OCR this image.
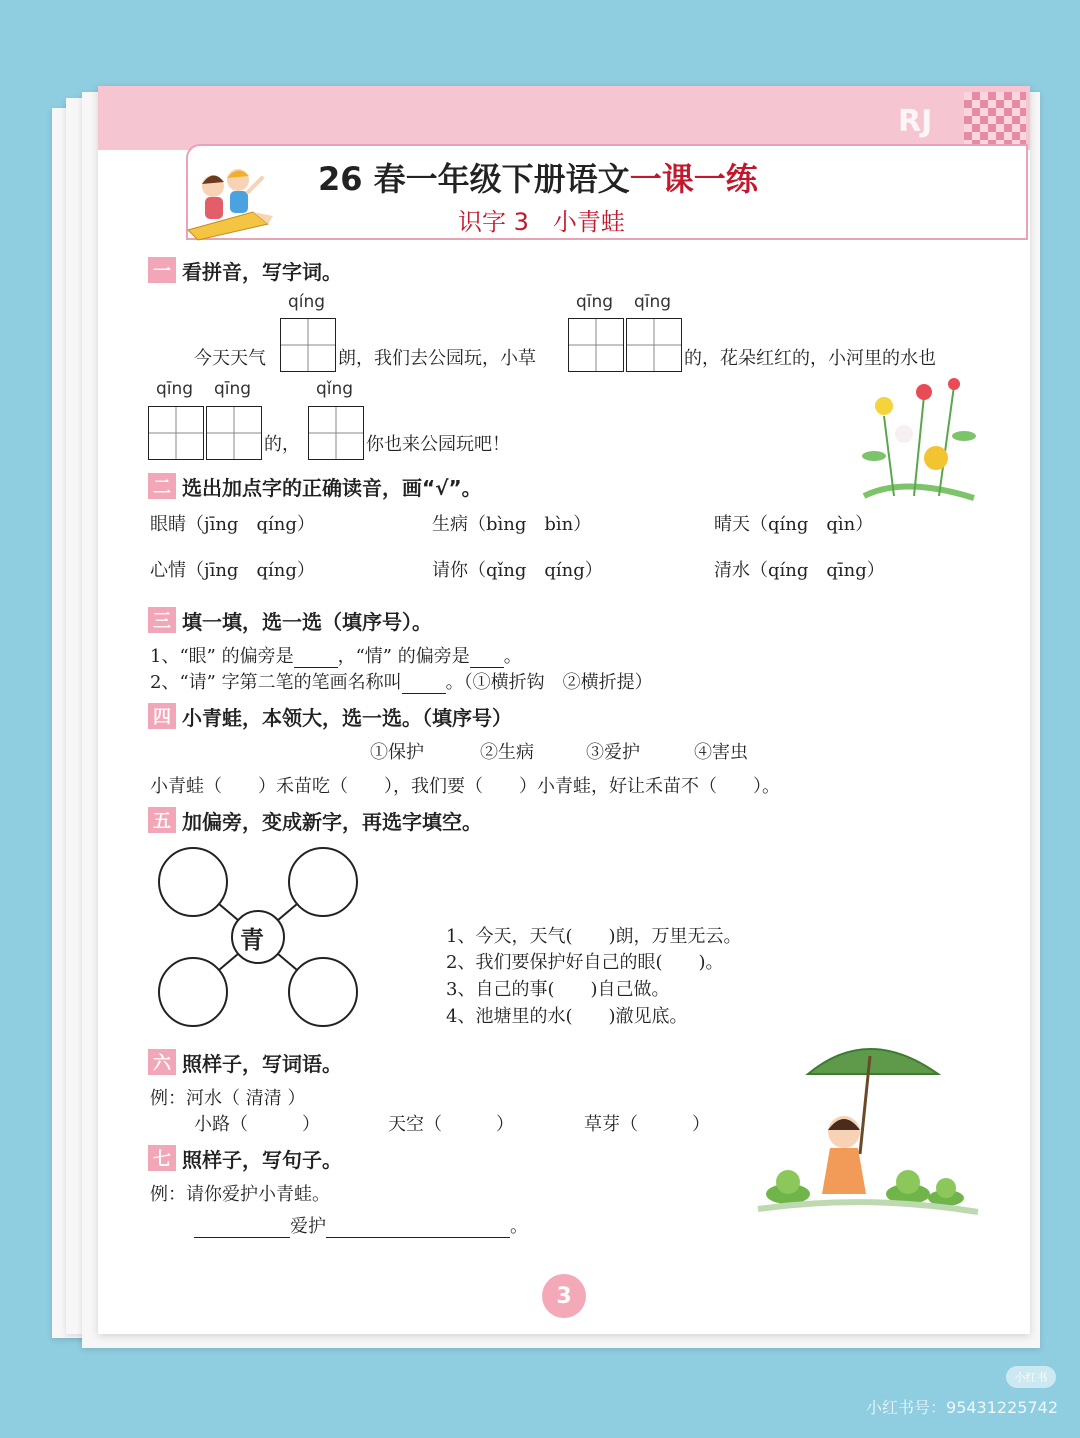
RJ
26 春一年级下册语文一课一练
识字 3　小青蛙
一 看拼音，写字词。
qíng	qīng qīng
今天天气	朗，我们去公园玩，小草	的，花朵红红的，小河里的水也
qīng qīng	qǐng
的，	你也来公园玩吧！
二 选出加点字的正确读音，画“√”。
眼睛（jīng　qíng）	生病（bìng　bìn）	晴天（qíng　qìn）
心情（jīng　qíng）	请你（qǐng　qíng）	清水（qíng　qīng）
三 填一填，选一选（填序号）。
1、“眼” 的偏旁是 ，“情” 的偏旁是 。
2、“请” 字第二笔的笔画名称叫 。（①横折钩　②横折提）
四 小青蛙，本领大，选一选。（填序号）
①保护	②生病	③爱护	④害虫
小青蛙（　　）禾苗吃（　　），我们要（　　）小青蛙，好让禾苗不（　　）。
五 加偏旁，变成新字，再选字填空。
青	1、今天，天气(　　)朗，万里无云。
2、我们要保护好自己的眼(　　)。
3、自己的事(　　)自己做。
4、池塘里的水(　　)澈见底。
六 照样子，写词语。
例：河水（ 清清 ）
小路（　　　）	天空（　　　）	草芽（　　　）
七 照样子，写句子。
例：请你爱护小青蛙。
爱护	。
3
小红书
小红书号：95431225742
